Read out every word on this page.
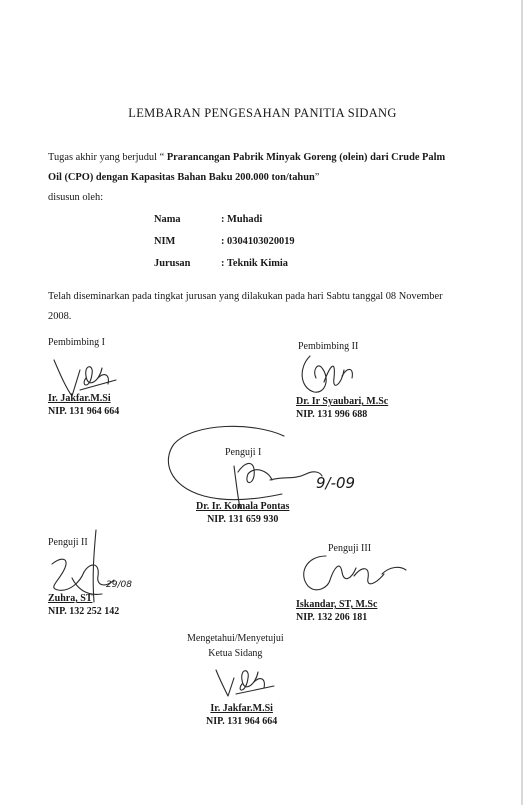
LEMBARAN PENGESAHAN PANITIA SIDANG

Tugas akhir yang berjudul “ Prarancangan Pabrik Minyak Goreng (olein) dari Crude Palm Oil (CPO) dengan Kapasitas Bahan Baku 200.000 ton/tahun”
disusun oleh:

Nama	: Muhadi
NIM	: 0304103020019
Jurusan	: Teknik Kimia

Telah diseminarkan pada tingkat jurusan yang dilakukan pada hari Sabtu tanggal 08 November 2008.

Pembimbing I
Ir. Jakfar.M.Si
NIP. 131 964 664
Pembimbing II
Dr. Ir Syaubari, M.Sc
NIP. 131 996 688
Penguji I
9/-09
Dr. Ir. Komala Pontas
NIP. 131 659 930
Penguji II
29/08
Zuhra, ST
NIP. 132 252 142
Penguji III
Iskandar, ST, M.Sc
NIP. 132 206 181
Mengetahui/Menyetujui
Ketua Sidang
Ir. Jakfar.M.Si
NIP. 131 964 664
